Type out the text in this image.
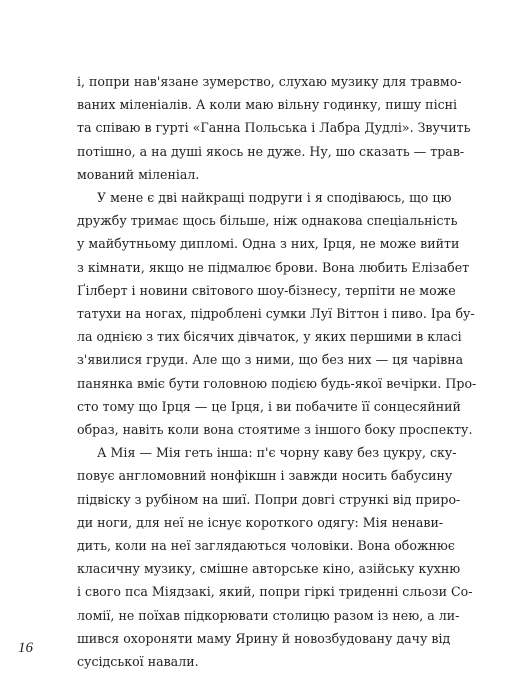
і, попри нав'язане зумерство, слухаю музику для травмо-
ваних міленіалів. А коли маю вільну годинку, пишу пісні
та співаю в гурті «Ганна Польська і Лабра Дудлі». Звучить
потішно, а на душі якось не дуже. Ну, шо сказать — трав-
мований міленіал.

У мене є дві найкращі подруги і я сподіваюсь, що цю
дружбу тримає щось більше, ніж однакова спеціальність
у майбутньому дипломі. Одна з них, Ірця, не може вийти
з кімнати, якщо не підмалює брови. Вона любить Елізабет
Ґілберт і новини світового шоу-бізнесу, терпіти не може
татухи на ногах, підроблені сумки Луї Віттон і пиво. Іра бу-
ла однією з тих бісячих дівчаток, у яких першими в класі
з'явилися груди. Але що з ними, що без них — ця чарівна
панянка вміє бути головною подією будь-якої вечірки. Про-
сто тому що Ірця — це Ірця, і ви побачите її сонцесяйний
образ, навіть коли вона стоятиме з іншого боку проспекту.

А Мія — Мія геть інша: п'є чорну каву без цукру, ску-
повує англомовний нонфікшн і завжди носить бабусину
підвіску з рубіном на шиї. Попри довгі стрункі від приро-
ди ноги, для неї не існує короткого одягу: Мія ненави-
дить, коли на неї заглядаються чоловіки. Вона обожнює
класичну музику, смішне авторське кіно, азійську кухню
і свого пса Міядзакі, який, попри гіркі триденні сльози Со-
ломії, не поїхав підкорювати столицю разом із нею, а ли-
шився охороняти маму Ярину й новозбудовану дачу від
сусідської навали.

16
